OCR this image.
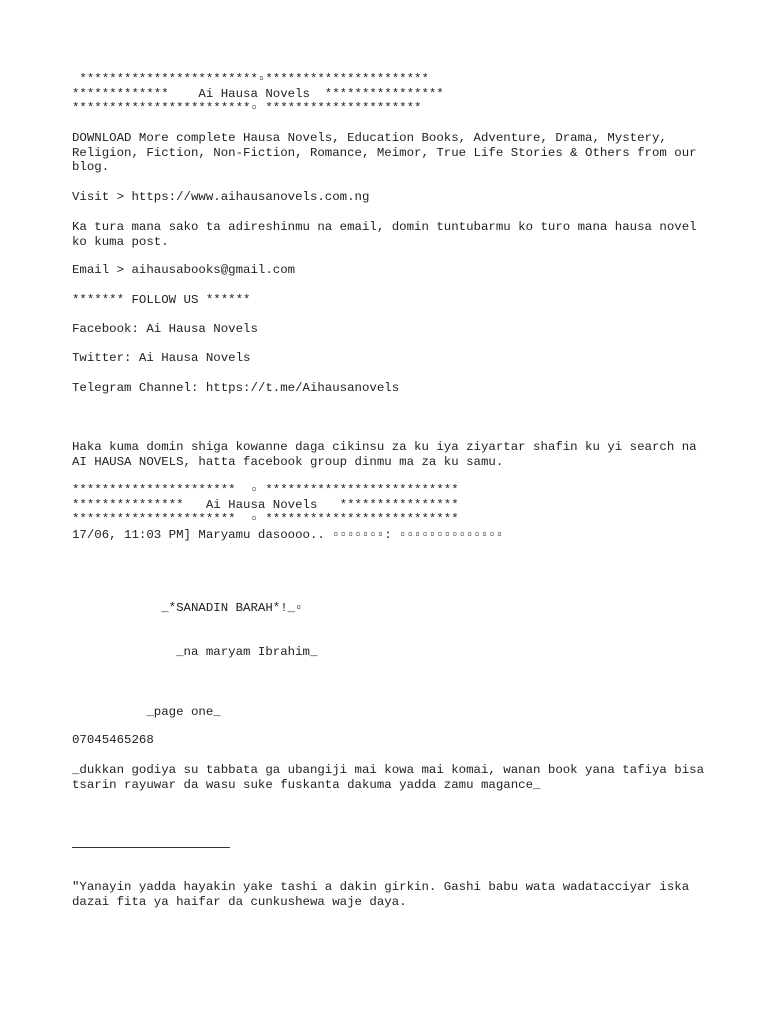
************************▫**********************
*************    Ai Hausa Novels  ****************
************************▫ *********************
DOWNLOAD More complete Hausa Novels, Education Books, Adventure, Drama, Mystery, Religion, Fiction, Non-Fiction, Romance, Meimor, True Life Stories & Others from our blog.
Visit > https://www.aihausanovels.com.ng
Ka tura mana sako ta adireshinmu na email, domin tuntubarmu ko turo mana hausa novel ko kuma post.
Email > aihausabooks@gmail.com
******* FOLLOW US ******
Facebook: Ai Hausa Novels
Twitter: Ai Hausa Novels
Telegram Channel: https://t.me/Aihausanovels
Haka kuma domin shiga kowanne daga cikinsu za ku iya ziyartar shafin ku yi search na AI HAUSA NOVELS, hatta facebook group dinmu ma za ku samu.
**********************  ▫ **************************
***************   Ai Hausa Novels   ****************
**********************  ▫ **************************
17/06, 11:03 PM] Maryamu dasoooo.. ▫▫▫▫▫▫▫: ▫▫▫▫▫▫▫▫▫▫▫▫▫▫
_*SANADIN BARAH*!_▫
_na maryam Ibrahim_
_page one_
07045465268
_dukkan godiya su tabbata ga ubangiji mai kowa mai komai, wanan book yana tafiya bisa tsarin rayuwar da wasu suke fuskanta dakuma yadda zamu magance_
"Yanayin yadda hayakin yake tashi a dakin girkin. Gashi babu wata wadatacciyar iska dazai fita ya haifar da cunkushewa waje daya.
